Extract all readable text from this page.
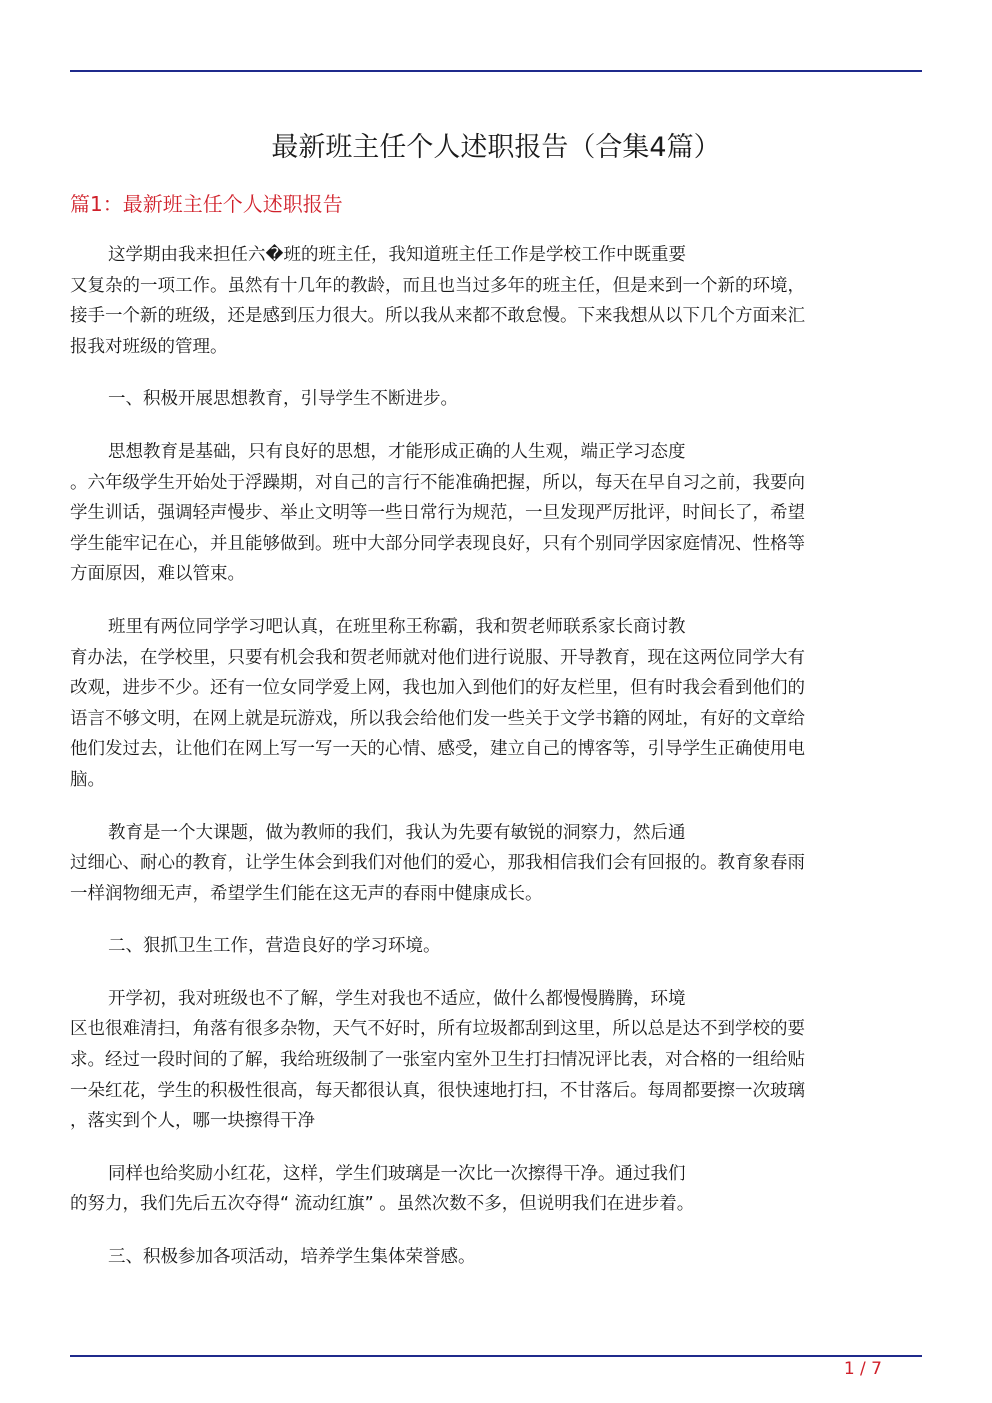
最新班主任个人述职报告（合集4篇）
篇1：最新班主任个人述职报告

这学期由我来担任六�班的班主任，我知道班主任工作是学校工作中既重要
又复杂的一项工作。虽然有十几年的教龄，而且也当过多年的班主任，但是来到一个新的环境，
接手一个新的班级，还是感到压力很大。所以我从来都不敢怠慢。下来我想从以下几个方面来汇
报我对班级的管理。

一、积极开展思想教育，引导学生不断进步。

思想教育是基础，只有良好的思想，才能形成正确的人生观，端正学习态度
。六年级学生开始处于浮躁期，对自己的言行不能准确把握，所以，每天在早自习之前，我要向
学生训话，强调轻声慢步、举止文明等一些日常行为规范，一旦发现严厉批评，时间长了，希望
学生能牢记在心，并且能够做到。班中大部分同学表现良好，只有个别同学因家庭情况、性格等
方面原因，难以管束。

班里有两位同学学习吧认真，在班里称王称霸，我和贺老师联系家长商讨教
育办法，在学校里，只要有机会我和贺老师就对他们进行说服、开导教育，现在这两位同学大有
改观，进步不少。还有一位女同学爱上网，我也加入到他们的好友栏里，但有时我会看到他们的
语言不够文明，在网上就是玩游戏，所以我会给他们发一些关于文学书籍的网址，有好的文章给
他们发过去，让他们在网上写一写一天的心情、感受，建立自己的博客等，引导学生正确使用电
脑。

教育是一个大课题，做为教师的我们，我认为先要有敏锐的洞察力，然后通
过细心、耐心的教育，让学生体会到我们对他们的爱心，那我相信我们会有回报的。教育象春雨
一样润物细无声，希望学生们能在这无声的春雨中健康成长。

二、狠抓卫生工作，营造良好的学习环境。

开学初，我对班级也不了解，学生对我也不适应，做什么都慢慢腾腾，环境
区也很难清扫，角落有很多杂物，天气不好时，所有垃圾都刮到这里，所以总是达不到学校的要
求。经过一段时间的了解，我给班级制了一张室内室外卫生打扫情况评比表，对合格的一组给贴
一朵红花，学生的积极性很高，每天都很认真，很快速地打扫，不甘落后。每周都要擦一次玻璃
，落实到个人，哪一块擦得干净

同样也给奖励小红花，这样，学生们玻璃是一次比一次擦得干净。通过我们
的努力，我们先后五次夺得“ 流动红旗” 。虽然次数不多，但说明我们在进步着。

三、积极参加各项活动，培养学生集体荣誉感。

1 / 7
